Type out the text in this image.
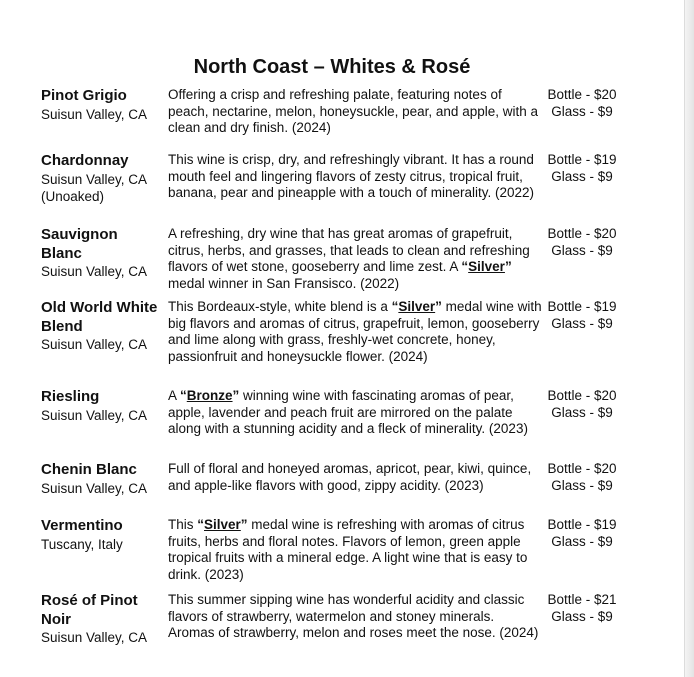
North Coast – Whites & Rosé
Pinot Grigio
Suisun Valley, CA
Offering a crisp and refreshing palate, featuring notes of peach, nectarine, melon, honeysuckle, pear, and apple, with a clean and dry finish. (2024)
Bottle - $20
Glass - $9
Chardonnay
Suisun Valley, CA
(Unoaked)
This wine is crisp, dry, and refreshingly vibrant. It has a round mouth feel and lingering flavors of zesty citrus, tropical fruit, banana, pear and pineapple with a touch of minerality. (2022)
Bottle - $19
Glass - $9
Sauvignon Blanc
Suisun Valley, CA
A refreshing, dry wine that has great aromas of grapefruit, citrus, herbs, and grasses, that leads to clean and refreshing flavors of wet stone, gooseberry and lime zest. A “Silver” medal winner in San Fransisco. (2022)
Bottle - $20
Glass - $9
Old World White Blend
Suisun Valley, CA
This Bordeaux-style, white blend is a “Silver” medal wine with big flavors and aromas of citrus, grapefruit, lemon, gooseberry and lime along with grass, freshly-wet concrete, honey, passionfruit and honeysuckle flower. (2024)
Bottle - $19
Glass - $9
Riesling
Suisun Valley, CA
A “Bronze” winning wine with fascinating aromas of pear, apple, lavender and peach fruit are mirrored on the palate along with a stunning acidity and a fleck of minerality. (2023)
Bottle - $20
Glass - $9
Chenin Blanc
Suisun Valley, CA
Full of floral and honeyed aromas, apricot, pear, kiwi, quince, and apple-like flavors with good, zippy acidity. (2023)
Bottle - $20
Glass - $9
Vermentino
Tuscany, Italy
This “Silver” medal wine is refreshing with aromas of citrus fruits, herbs and floral notes. Flavors of lemon, green apple tropical fruits with a mineral edge. A light wine that is easy to drink. (2023)
Bottle - $19
Glass - $9
Rosé of Pinot Noir
Suisun Valley, CA
This summer sipping wine has wonderful acidity and classic flavors of strawberry, watermelon and stoney minerals. Aromas of strawberry, melon and roses meet the nose. (2024)
Bottle - $21
Glass - $9
